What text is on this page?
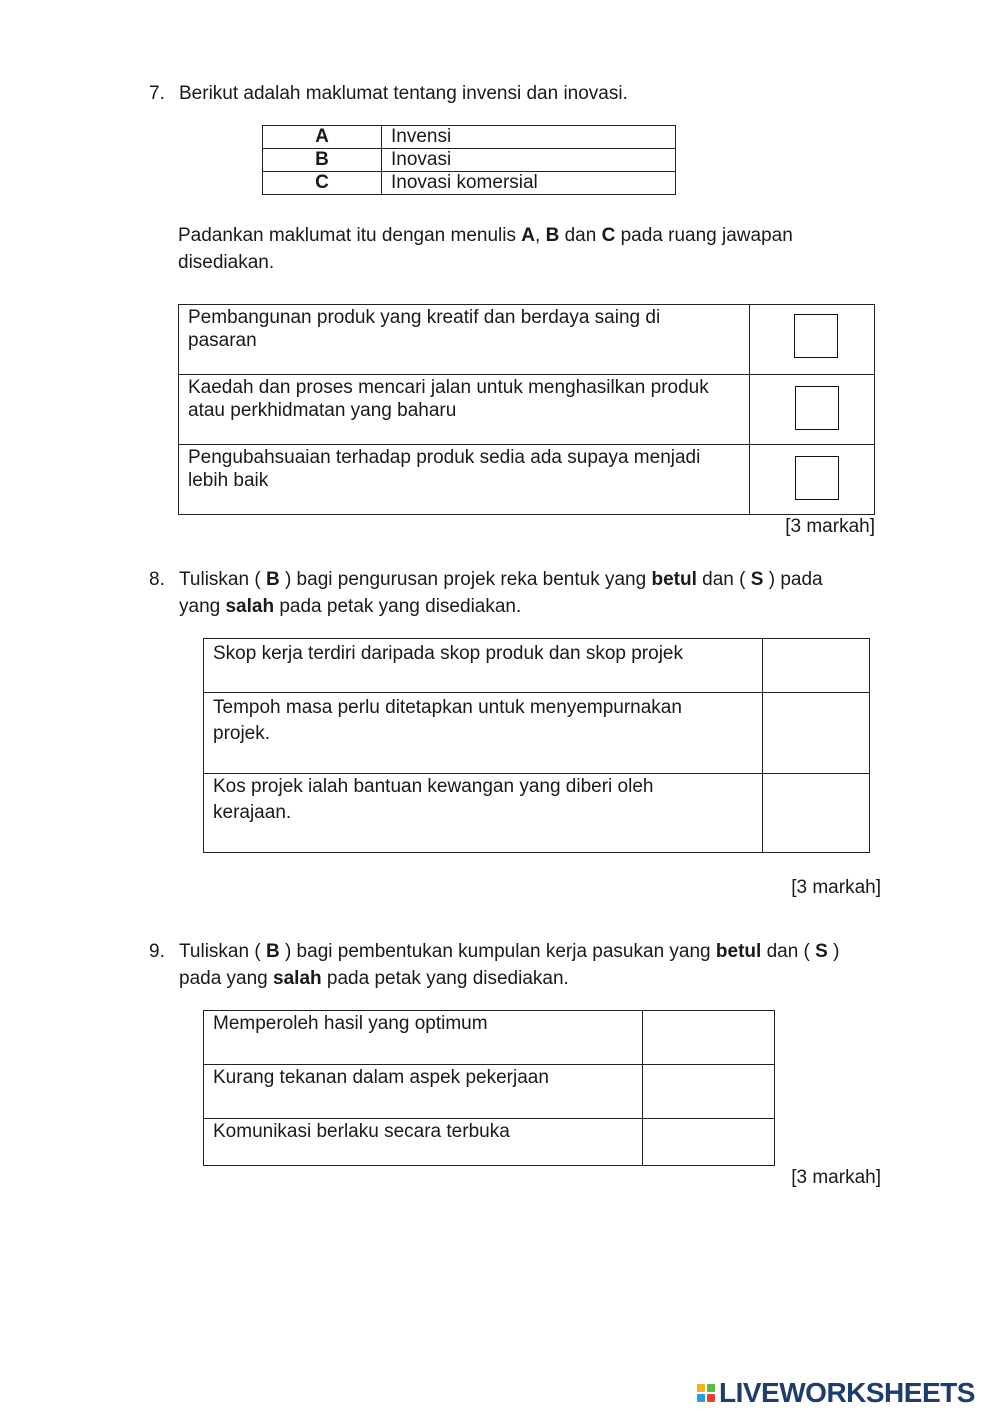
7. Berikut adalah maklumat tentang invensi dan inovasi.
A	Invensi
B	Inovasi
C	Inovasi komersial
Padankan maklumat itu dengan menulis A, B dan C pada ruang jawapan
disediakan.
Pembangunan produk yang kreatif dan berdaya saing di
pasaran	

Kaedah dan proses mencari jalan untuk menghasilkan produk
atau perkhidmatan yang baharu	

Pengubahsuaian terhadap produk sedia ada supaya menjadi
lebih baik	

[3 markah]
8. Tuliskan ( B ) bagi pengurusan projek reka bentuk yang betul dan ( S ) pada
yang salah pada petak yang disediakan.
Skop kerja terdiri daripada skop produk dan skop projek	

Tempoh masa perlu ditetapkan untuk menyempurnakan
projek.	

Kos projek ialah bantuan kewangan yang diberi oleh
kerajaan.	

[3 markah]
9. Tuliskan ( B ) bagi pembentukan kumpulan kerja pasukan yang betul dan ( S )
pada yang salah pada petak yang disediakan.
Memperoleh hasil yang optimum	

Kurang tekanan dalam aspek pekerjaan	

Komunikasi berlaku secara terbuka	

[3 markah]
LIVEWORKSHEETS
